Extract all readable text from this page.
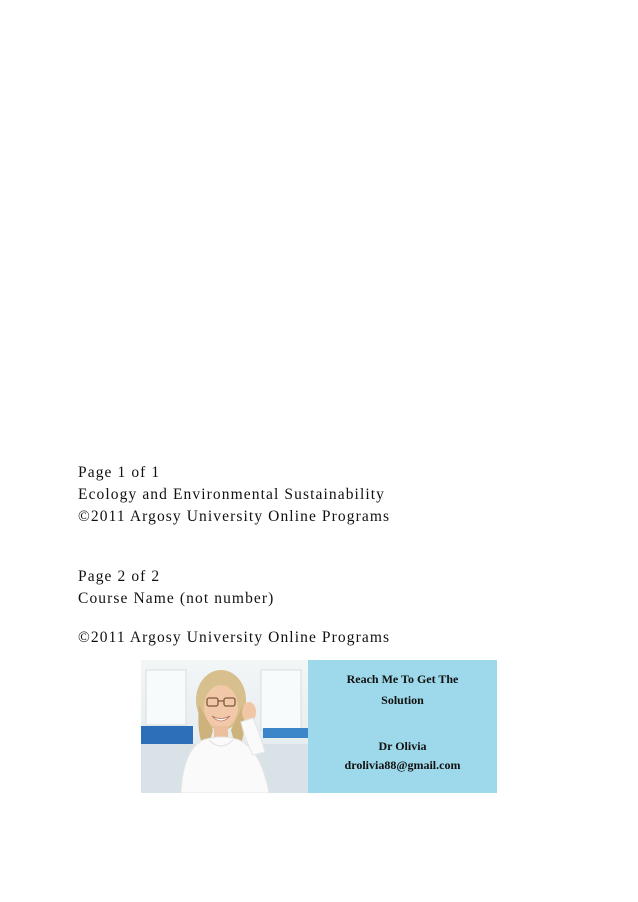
Page 1 of 1
Ecology and Environmental Sustainability
©2011 Argosy University Online Programs
Page 2 of 2
Course Name (not number)
©2011 Argosy University Online Programs
Reach Me To Get The
Solution
Dr Olivia
drolivia88@gmail.com
